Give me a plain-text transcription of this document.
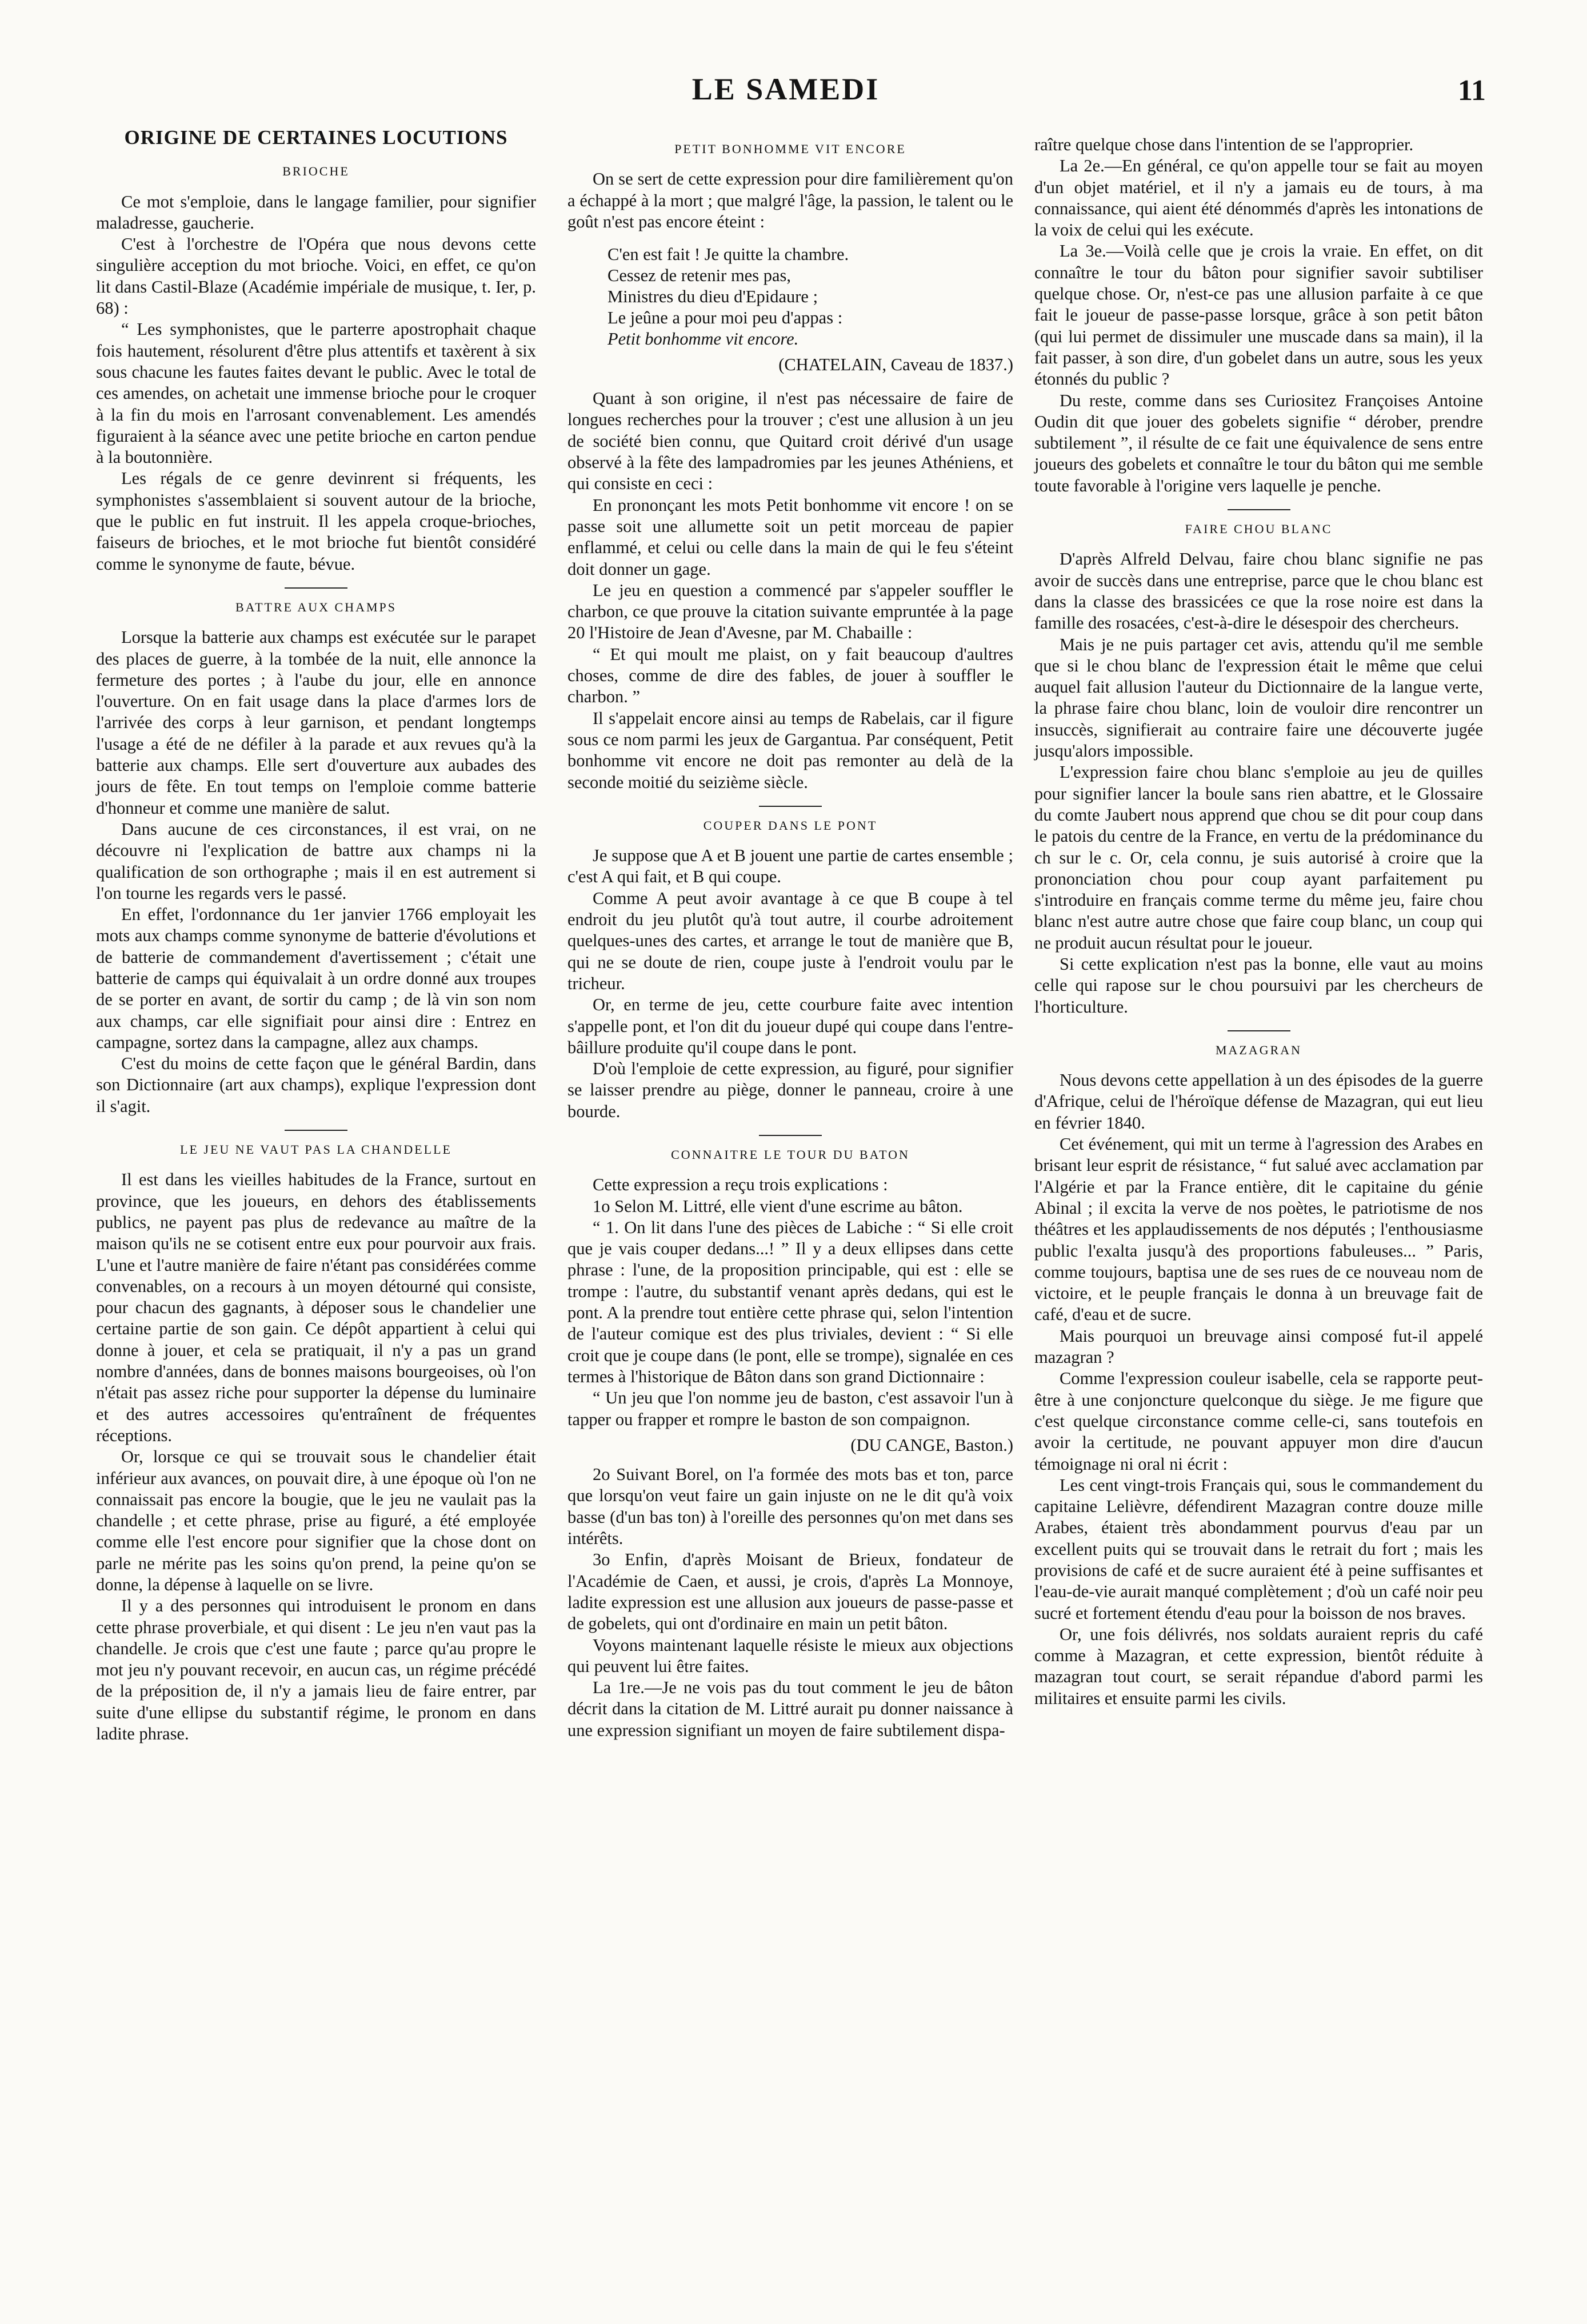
LE SAMEDI	11
ORIGINE DE CERTAINES LOCUTIONS
BRIOCHE

Ce mot s'emploie, dans le langage familier, pour signifier maladresse, gaucherie.

C'est à l'orchestre de l'Opéra que nous devons cette singulière acception du mot brioche. Voici, en effet, ce qu'on lit dans Castil-Blaze (Académie impériale de musique, t. Ier, p. 68) :

“ Les symphonistes, que le parterre apostrophait chaque fois hautement, résolurent d'être plus attentifs et taxèrent à six sous chacune les fautes faites devant le public. Avec le total de ces amendes, on achetait une immense brioche pour le croquer à la fin du mois en l'arrosant convenablement. Les amendés figuraient à la séance avec une petite brioche en carton pendue à la boutonnière.

Les régals de ce genre devinrent si fréquents, les symphonistes s'assemblaient si souvent autour de la brioche, que le public en fut instruit. Il les appela croque-brioches, faiseurs de brioches, et le mot brioche fut bientôt considéré comme le synonyme de faute, bévue.

BATTRE AUX CHAMPS

Lorsque la batterie aux champs est exécutée sur le parapet des places de guerre, à la tombée de la nuit, elle annonce la fermeture des portes ; à l'aube du jour, elle en annonce l'ouverture. On en fait usage dans la place d'armes lors de l'arrivée des corps à leur garnison, et pendant longtemps l'usage a été de ne défiler à la parade et aux revues qu'à la batterie aux champs. Elle sert d'ouverture aux aubades des jours de fête. En tout temps on l'emploie comme batterie d'honneur et comme une manière de salut.

Dans aucune de ces circonstances, il est vrai, on ne découvre ni l'explication de battre aux champs ni la qualification de son orthographe ; mais il en est autrement si l'on tourne les regards vers le passé.

En effet, l'ordonnance du 1er janvier 1766 employait les mots aux champs comme synonyme de batterie d'évolutions et de batterie de commandement d'avertissement ; c'était une batterie de camps qui équivalait à un ordre donné aux troupes de se porter en avant, de sortir du camp ; de là vin son nom aux champs, car elle signifiait pour ainsi dire : Entrez en campagne, sortez dans la campagne, allez aux champs.

C'est du moins de cette façon que le général Bardin, dans son Dictionnaire (art aux champs), explique l'expression dont il s'agit.

LE JEU NE VAUT PAS LA CHANDELLE

Il est dans les vieilles habitudes de la France, surtout en province, que les joueurs, en dehors des établissements publics, ne payent pas plus de redevance au maître de la maison qu'ils ne se cotisent entre eux pour pourvoir aux frais. L'une et l'autre manière de faire n'étant pas considérées comme convenables, on a recours à un moyen détourné qui consiste, pour chacun des gagnants, à déposer sous le chandelier une certaine partie de son gain. Ce dépôt appartient à celui qui donne à jouer, et cela se pratiquait, il n'y a pas un grand nombre d'années, dans de bonnes maisons bourgeoises, où l'on n'était pas assez riche pour supporter la dépense du luminaire et des autres accessoires qu'entraînent de fréquentes réceptions.

Or, lorsque ce qui se trouvait sous le chandelier était inférieur aux avances, on pouvait dire, à une époque où l'on ne connaissait pas encore la bougie, que le jeu ne vaulait pas la chandelle ; et cette phrase, prise au figuré, a été employée comme elle l'est encore pour signifier que la chose dont on parle ne mérite pas les soins qu'on prend, la peine qu'on se donne, la dépense à laquelle on se livre.

Il y a des personnes qui introduisent le pronom en dans cette phrase proverbiale, et qui disent : Le jeu n'en vaut pas la chandelle. Je crois que c'est une faute ; parce qu'au propre le mot jeu n'y pouvant recevoir, en aucun cas, un régime précédé de la préposition de, il n'y a jamais lieu de faire entrer, par suite d'une ellipse du substantif régime, le pronom en dans ladite phrase.

PETIT BONHOMME VIT ENCORE

On se sert de cette expression pour dire familièrement qu'on a échappé à la mort ; que malgré l'âge, la passion, le talent ou le goût n'est pas encore éteint :

C'en est fait ! Je quitte la chambre.
Cessez de retenir mes pas,
Ministres du dieu d'Epidaure ;
Le jeûne a pour moi peu d'appas :
Petit bonhomme vit encore.
(CHATELAIN, Caveau de 1837.)

Quant à son origine, il n'est pas nécessaire de faire de longues recherches pour la trouver ; c'est une allusion à un jeu de société bien connu, que Quitard croit dérivé d'un usage observé à la fête des lampadromies par les jeunes Athéniens, et qui consiste en ceci :

En prononçant les mots Petit bonhomme vit encore ! on se passe soit une allumette soit un petit morceau de papier enflammé, et celui ou celle dans la main de qui le feu s'éteint doit donner un gage.

Le jeu en question a commencé par s'appeler souffler le charbon, ce que prouve la citation suivante empruntée à la page 20 l'Histoire de Jean d'Avesne, par M. Chabaille :

“ Et qui moult me plaist, on y fait beaucoup d'aultres choses, comme de dire des fables, de jouer à souffler le charbon. ”

Il s'appelait encore ainsi au temps de Rabelais, car il figure sous ce nom parmi les jeux de Gargantua. Par conséquent, Petit bonhomme vit encore ne doit pas remonter au delà de la seconde moitié du seizième siècle.

COUPER DANS LE PONT

Je suppose que A et B jouent une partie de cartes ensemble ; c'est A qui fait, et B qui coupe.

Comme A peut avoir avantage à ce que B coupe à tel endroit du jeu plutôt qu'à tout autre, il courbe adroitement quelques-unes des cartes, et arrange le tout de manière que B, qui ne se doute de rien, coupe juste à l'endroit voulu par le tricheur.

Or, en terme de jeu, cette courbure faite avec intention s'appelle pont, et l'on dit du joueur dupé qui coupe dans l'entre-bâillure produite qu'il coupe dans le pont.

D'où l'emploie de cette expression, au figuré, pour signifier se laisser prendre au piège, donner le panneau, croire à une bourde.

CONNAITRE LE TOUR DU BATON

Cette expression a reçu trois explications :

1o Selon M. Littré, elle vient d'une escrime au bâton.

“ 1. On lit dans l'une des pièces de Labiche : “ Si elle croit que je vais couper dedans...! ” Il y a deux ellipses dans cette phrase : l'une, de la proposition principable, qui est : elle se trompe : l'autre, du substantif venant après dedans, qui est le pont. A la prendre tout entière cette phrase qui, selon l'intention de l'auteur comique est des plus triviales, devient : “ Si elle croit que je coupe dans (le pont, elle se trompe), signalée en ces termes à l'historique de Bâton dans son grand Dictionnaire :

“ Un jeu que l'on nomme jeu de baston, c'est assavoir l'un à tapper ou frapper et rompre le baston de son compaignon.

(DU CANGE, Baston.)

2o Suivant Borel, on l'a formée des mots bas et ton, parce que lorsqu'on veut faire un gain injuste on ne le dit qu'à voix basse (d'un bas ton) à l'oreille des personnes qu'on met dans ses intérêts.

3o Enfin, d'après Moisant de Brieux, fondateur de l'Académie de Caen, et aussi, je crois, d'après La Monnoye, ladite expression est une allusion aux joueurs de passe-passe et de gobelets, qui ont d'ordinaire en main un petit bâton.

Voyons maintenant laquelle résiste le mieux aux objections qui peuvent lui être faites.

La 1re.—Je ne vois pas du tout comment le jeu de bâton décrit dans la citation de M. Littré aurait pu donner naissance à une expression signifiant un moyen de faire subtilement dispa-

raître quelque chose dans l'intention de se l'approprier.

La 2e.—En général, ce qu'on appelle tour se fait au moyen d'un objet matériel, et il n'y a jamais eu de tours, à ma connaissance, qui aient été dénommés d'après les intonations de la voix de celui qui les exécute.

La 3e.—Voilà celle que je crois la vraie. En effet, on dit connaître le tour du bâton pour signifier savoir subtiliser quelque chose. Or, n'est-ce pas une allusion parfaite à ce que fait le joueur de passe-passe lorsque, grâce à son petit bâton (qui lui permet de dissimuler une muscade dans sa main), il la fait passer, à son dire, d'un gobelet dans un autre, sous les yeux étonnés du public ?

Du reste, comme dans ses Curiositez Françoises Antoine Oudin dit que jouer des gobelets signifie “ dérober, prendre subtilement ”, il résulte de ce fait une équivalence de sens entre joueurs des gobelets et connaître le tour du bâton qui me semble toute favorable à l'origine vers laquelle je penche.

FAIRE CHOU BLANC

D'après Alfreld Delvau, faire chou blanc signifie ne pas avoir de succès dans une entreprise, parce que le chou blanc est dans la classe des brassicées ce que la rose noire est dans la famille des rosacées, c'est-à-dire le désespoir des chercheurs.

Mais je ne puis partager cet avis, attendu qu'il me semble que si le chou blanc de l'expression était le même que celui auquel fait allusion l'auteur du Dictionnaire de la langue verte, la phrase faire chou blanc, loin de vouloir dire rencontrer un insuccès, signifierait au contraire faire une découverte jugée jusqu'alors impossible.

L'expression faire chou blanc s'emploie au jeu de quilles pour signifier lancer la boule sans rien abattre, et le Glossaire du comte Jaubert nous apprend que chou se dit pour coup dans le patois du centre de la France, en vertu de la prédominance du ch sur le c. Or, cela connu, je suis autorisé à croire que la prononciation chou pour coup ayant parfaitement pu s'introduire en français comme terme du même jeu, faire chou blanc n'est autre autre chose que faire coup blanc, un coup qui ne produit aucun résultat pour le joueur.

Si cette explication n'est pas la bonne, elle vaut au moins celle qui rapose sur le chou poursuivi par les chercheurs de l'horticulture.

MAZAGRAN

Nous devons cette appellation à un des épisodes de la guerre d'Afrique, celui de l'héroïque défense de Mazagran, qui eut lieu en février 1840.

Cet événement, qui mit un terme à l'agression des Arabes en brisant leur esprit de résistance, “ fut salué avec acclamation par l'Algérie et par la France entière, dit le capitaine du génie Abinal ; il excita la verve de nos poètes, le patriotisme de nos théâtres et les applaudissements de nos députés ; l'enthousiasme public l'exalta jusqu'à des proportions fabuleuses... ” Paris, comme toujours, baptisa une de ses rues de ce nouveau nom de victoire, et le peuple français le donna à un breuvage fait de café, d'eau et de sucre.

Mais pourquoi un breuvage ainsi composé fut-il appelé mazagran ?

Comme l'expression couleur isabelle, cela se rapporte peut-être à une conjoncture quelconque du siège. Je me figure que c'est quelque circonstance comme celle-ci, sans toutefois en avoir la certitude, ne pouvant appuyer mon dire d'aucun témoignage ni oral ni écrit :

Les cent vingt-trois Français qui, sous le commandement du capitaine Lelièvre, défendirent Mazagran contre douze mille Arabes, étaient très abondamment pourvus d'eau par un excellent puits qui se trouvait dans le retrait du fort ; mais les provisions de café et de sucre auraient été à peine suffisantes et l'eau-de-vie aurait manqué complètement ; d'où un café noir peu sucré et fortement étendu d'eau pour la boisson de nos braves.

Or, une fois délivrés, nos soldats auraient repris du café comme à Mazagran, et cette expression, bientôt réduite à mazagran tout court, se serait répandue d'abord parmi les militaires et ensuite parmi les civils.
